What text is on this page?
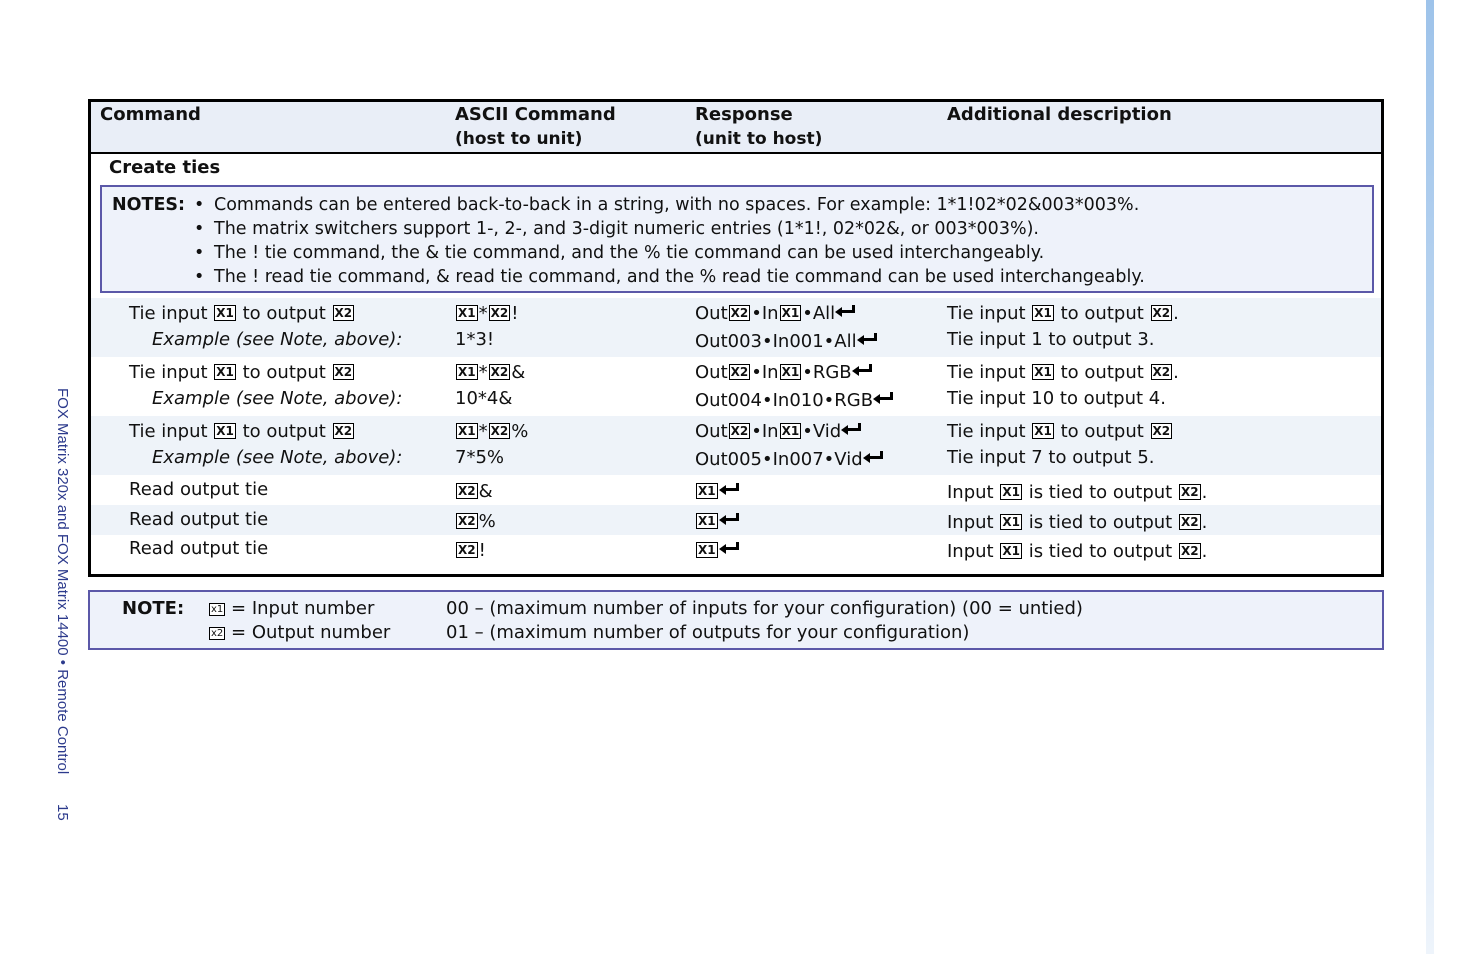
FOX Matrix 320x and FOX Matrix 14400 • Remote Control 15
Command	ASCII Command
(host to unit)
Response
(unit to host)
Additional description
Create ties
NOTES:
•	Commands can be entered back-to-back in a string, with no spaces. For example: 1*1!02*02&003*003%.
• The matrix switchers support 1-, 2-, and 3-digit numeric entries (1*1!, 02*02&, or 003*003%).
• The ! tie command, the & tie command, and the % tie command can be used interchangeably.
• The ! read tie command, & read tie command, and the % read tie command can be used interchangeably.
Tie input X1 to output X2	X1 * X2 !	Out X2 •In X1 •All	Tie input X1 to output X2 .
Example (see Note, above):	1*3!	Out003•In001•All	Tie input 1 to output 3.
Tie input X1 to output X2	X1 * X2 &	Out X2 •In X1 •RGB	Tie input X1 to output X2 .
Example (see Note, above):	10*4&	Out004•In010•RGB	Tie input 10 to output 4.
Tie input X1 to output X2	X1 * X2 %	Out X2 •In X1 •Vid	Tie input X1 to output X2
Example (see Note, above):	7*5%	Out005•In007•Vid	Tie input 7 to output 5.
Read output tie	X2 &	X1	Input X1 is tied to output X2 .
Read output tie	X2 %	X1	Input X1 is tied to output X2 .
Read output tie	X2 !	X1	Input X1 is tied to output X2 .
NOTE:	x1 = Input number
x2 = Output number
00 – (maximum number of inputs for your configuration) (00 = untied)
01 – (maximum number of outputs for your configuration)
